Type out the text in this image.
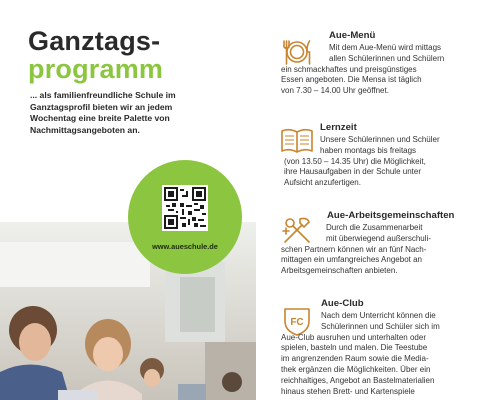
Ganztags-
programm
... als familienfreundliche Schule im
Ganztagsprofil bieten wir an jedem
Wochentag eine breite Palette von
Nachmittagsangeboten an.
www.aueschule.de
Aue-Menü
Mit dem Aue-Menü wird mittags
allen Schülerinnen und Schülern
ein schmackhaftes und preisgünstiges
Essen angeboten. Die Mensa ist täglich
von 7.30 – 14.00 Uhr geöffnet.
Lernzeit
Unsere Schülerinnen und Schüler
haben montags bis freitags
(von 13.50 – 14.35 Uhr) die Möglichkeit,
ihre Hausaufgaben in der Schule unter
Aufsicht anzufertigen.
Aue-Arbeitsgemeinschaften
Durch die Zusammenarbeit
mit überwiegend außerschuli-
schen Partnern können wir an fünf Nach-
mittagen ein umfangreiches Angebot an
Arbeitsgemeinschaften anbieten.
FC
Aue-Club
Nach dem Unterricht können die
Schülerinnen und Schüler sich im
Aue-Club ausruhen und unterhalten oder
spielen, basteln und malen. Die Teestube
im angrenzenden Raum sowie die Media-
thek ergänzen die Möglichkeiten. Über ein
reichhaltiges, Angebot an Bastelmaterialien
hinaus stehen Brett- und Kartenspiele
